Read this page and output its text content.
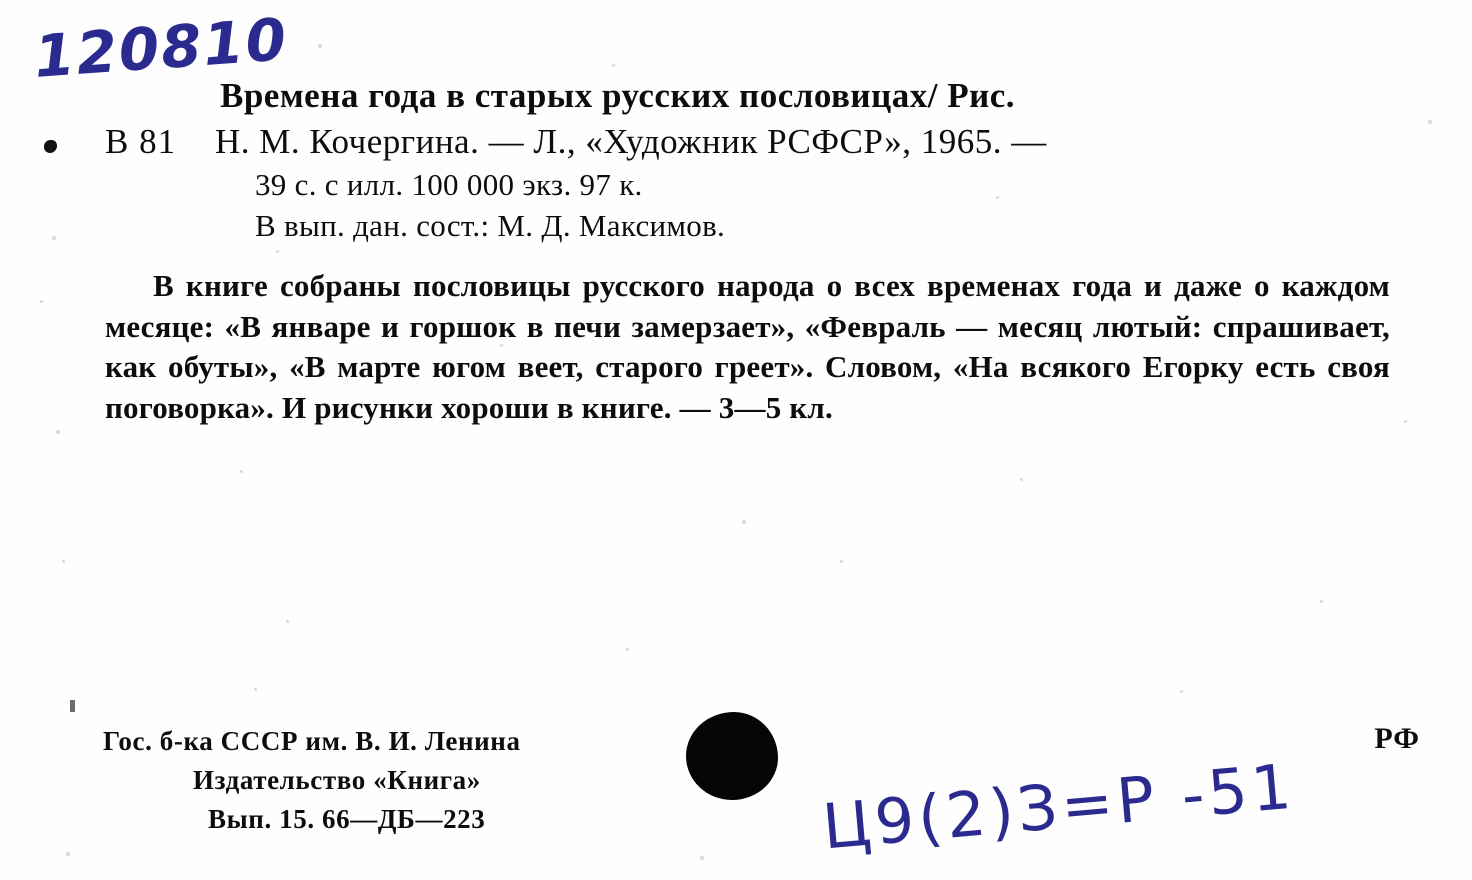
120810
Времена года в старых русских пословицах/ Рис.
В 81	Н. М. Кочергина. — Л., «Художник РСФСР», 1965. —
39 с. с илл. 100 000 экз. 97 к.
В вып. дан. сост.: М. Д. Максимов.
В книге собраны пословицы русского народа о всех временах года и даже о каждом месяце: «В январе и горшок в печи замерзает», «Февраль — месяц лютый: спрашивает, как обуты», «В марте югом веет, старого греет». Словом, «На всякого Егорку есть своя поговорка». И рисунки хороши в книге. — 3—5 кл.
Гос. б-ка СССР им. В. И. Ленина
Издательство «Книга»
Вып. 15. 66—ДБ—223
РФ
Ц9(2)З=Р -51
